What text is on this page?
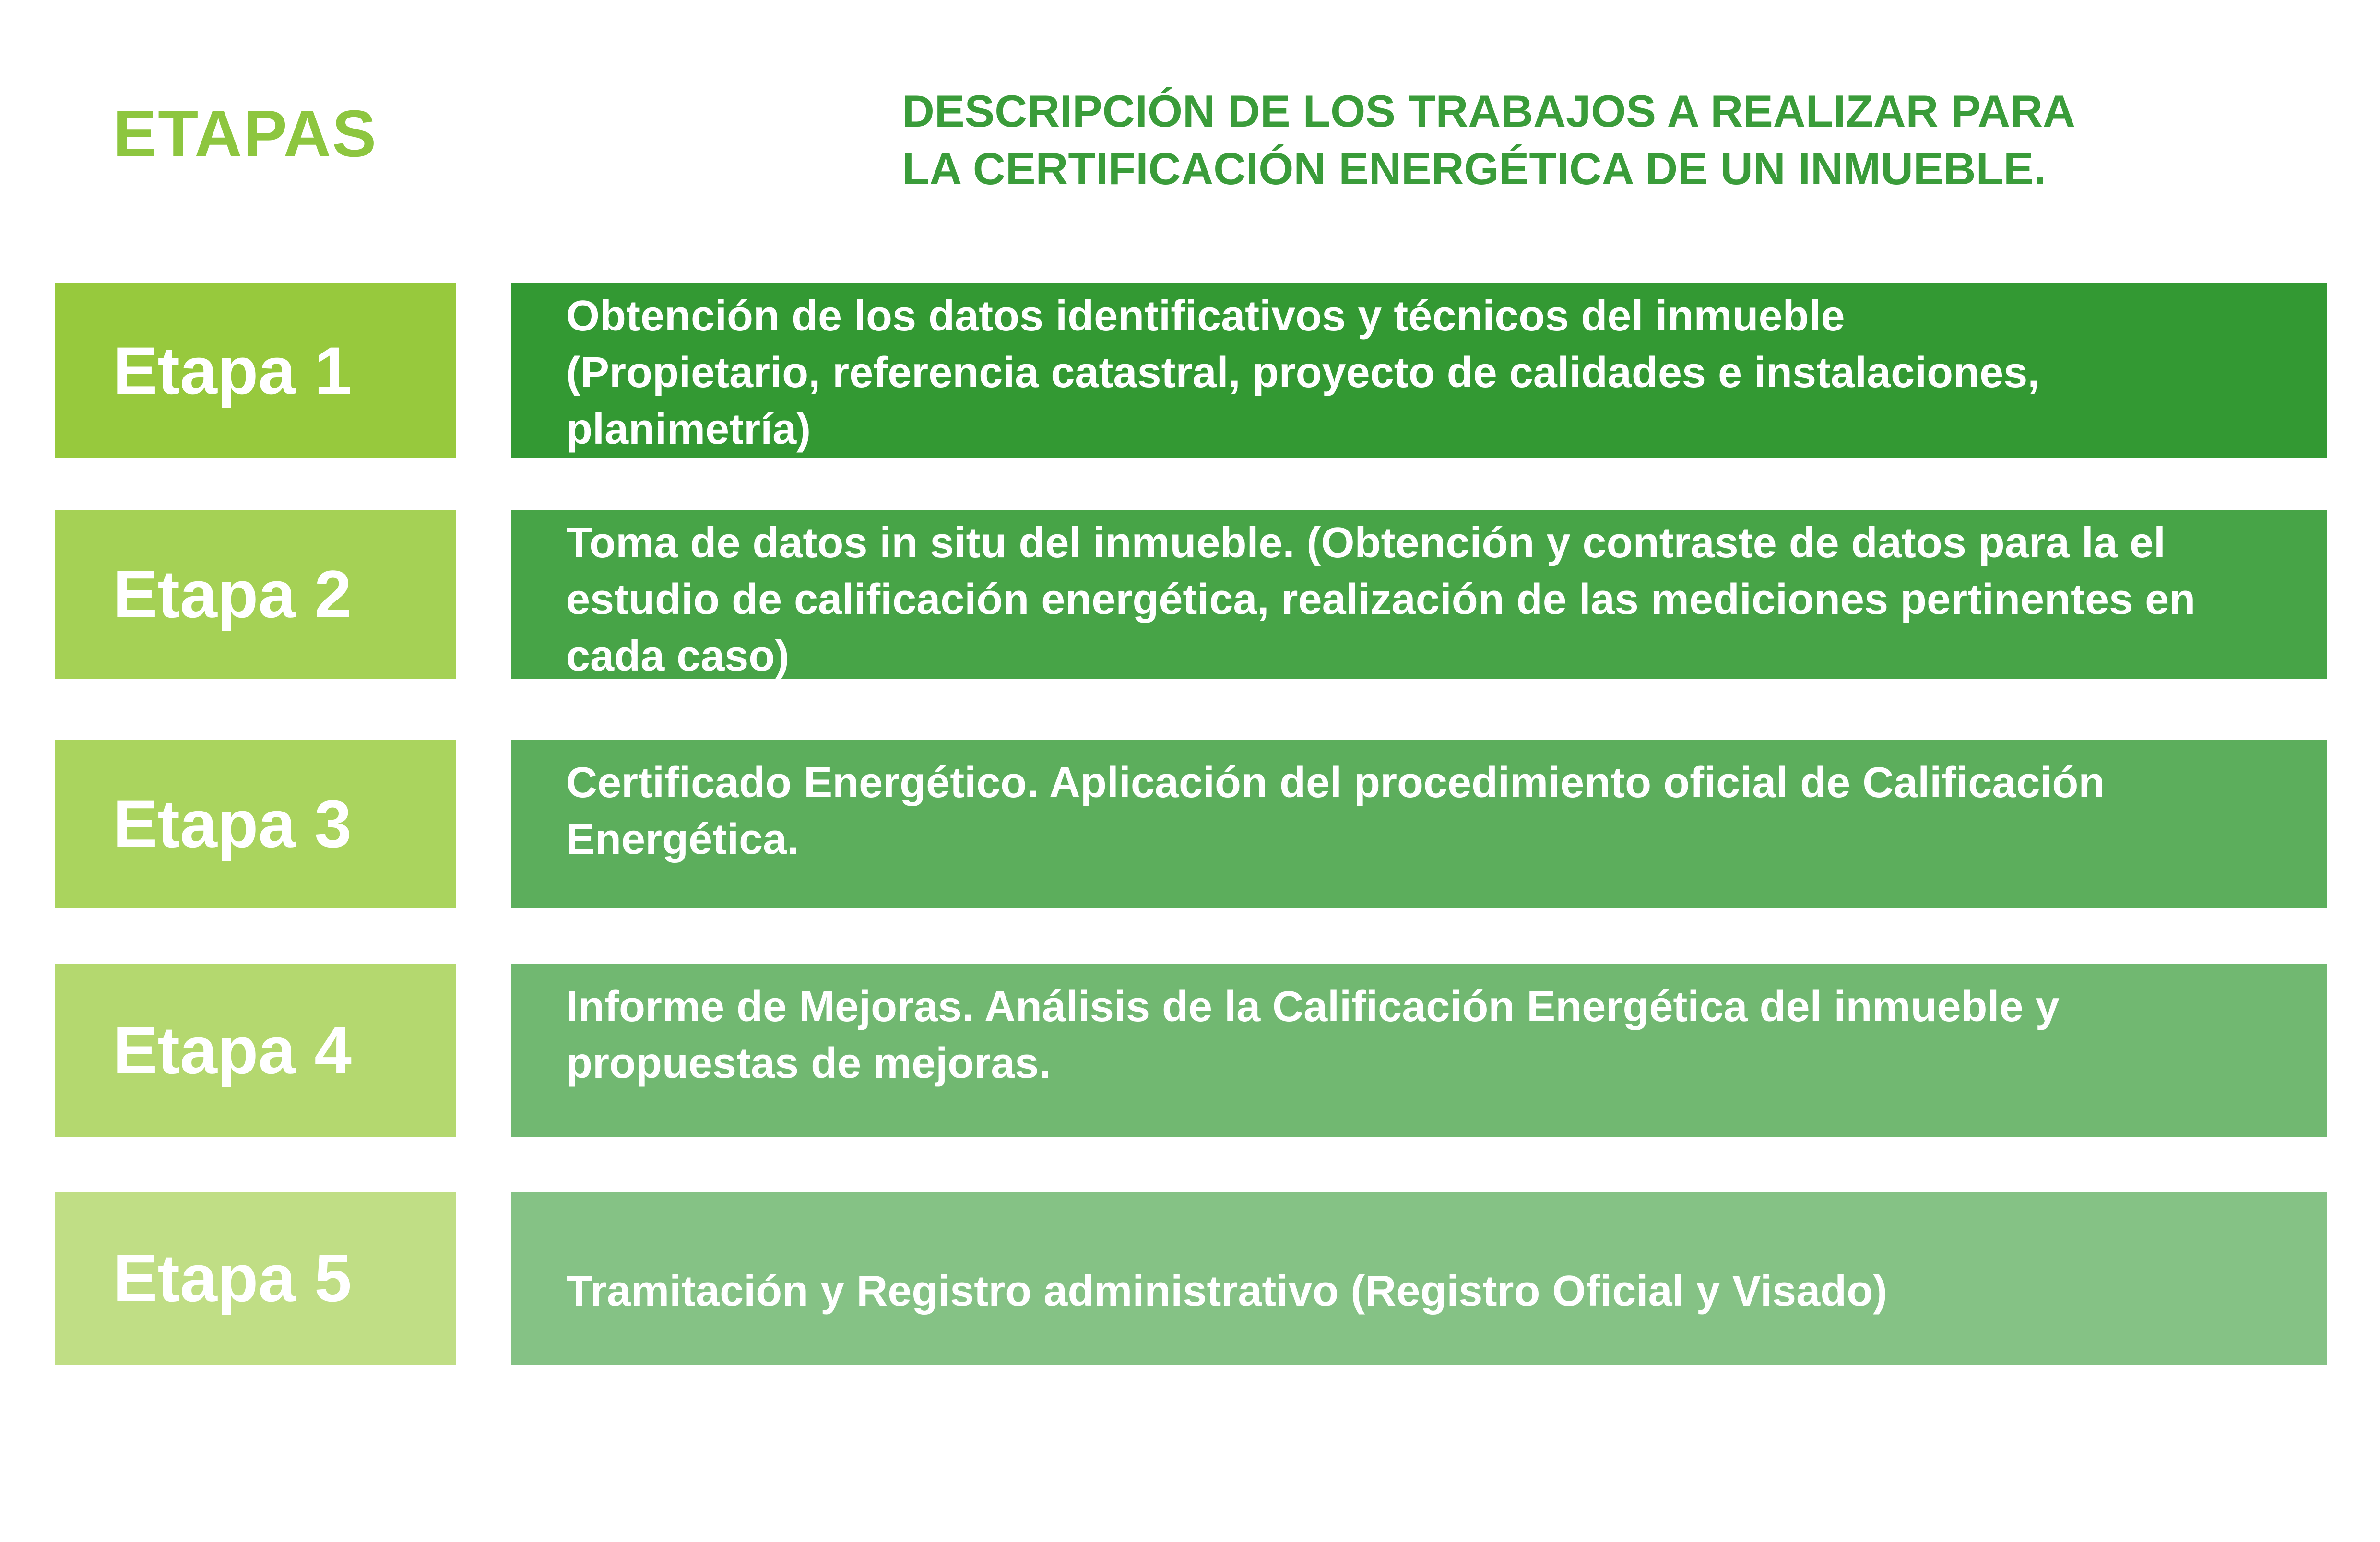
ETAPAS	DESCRIPCIÓN DE LOS TRABAJOS A REALIZAR PARA
LA CERTIFICACIÓN ENERGÉTICA DE UN INMUEBLE.
Etapa 1
Obtención de los datos identificativos y técnicos del inmueble
(Propietario, referencia catastral, proyecto de calidades e instalaciones,
planimetría)
Etapa 2
Toma de datos in situ del inmueble. (Obtención y contraste de datos para la el
estudio de calificación energética, realización de las mediciones pertinentes en
cada caso)
Etapa 3
Certificado Energético. Aplicación del procedimiento oficial de Calificación
Energética.
Etapa 4
Informe de Mejoras. Análisis de la Calificación Energética del inmueble y
propuestas de mejoras.
Etapa 5	Tramitación y Registro administrativo (Registro Oficial y Visado)
